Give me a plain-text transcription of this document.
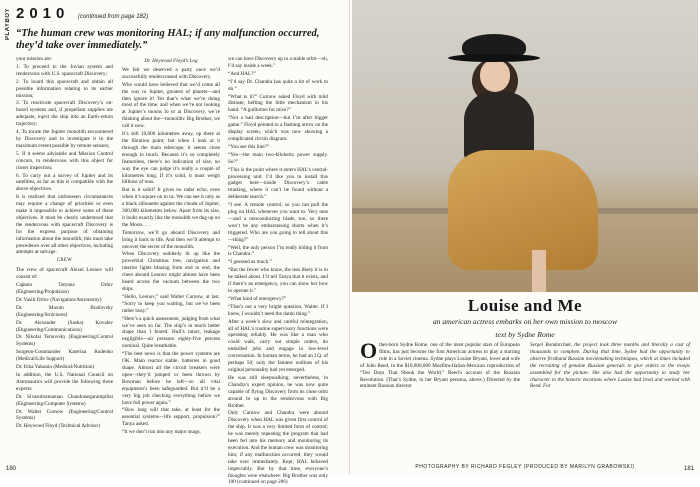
PLAYBOY 2010 (continued from page 182)
“The human crew was monitoring HAL; if any malfunction occurred, they’d take over immediately.”

your mission are:

1. To proceed to the Jovian system and rendezvous with U.S. spacecraft Discovery;

2. To board this spacecraft and obtain all possible information relating to its earlier mission;

3. To reactivate spacecraft Discovery’s on-board systems and, if propellant supplies are adequate, inject the ship into an Earth-return trajectory;

4. To locate the Jupiter monolith encountered by Discovery and to investigate it to the maximum extent possible by remote sensors;

5. If it seems advisable and Mission Control concurs, to rendezvous with this object for closer inspection;

6. To carry out a survey of Jupiter and its satellites, as far as this is compatible with the above objectives.

It is realized that unforeseen circumstances may require a change of priorities or even make it impossible to achieve some of these objectives. It must be clearly understood that the rendezvous with spacecraft Discovery is for the express purpose of obtaining information about the monolith; this must take precedence over all other objectives, including attempts at salvage.

CREW

The crew of spacecraft Alexei Leonov will consist of:

Captain Tatyana Orlov (Engineering/Propulsion)

Dr. Vasili Orlov (Navigation/Astronomy)

Dr. Maxim Brailovsky (Engineering/Structures)

Dr. Alexander (Sasha) Kovalev (Engineering/Communications)

Dr. Nikolai Ternovsky (Engineering/Control Systems)

Surgeon-Commander Katerina Rudenko (Medical/Life Support)

Dr. Irina Yakunin (Medical/Nutrition)

In addition, the U.S. National Council on Astronautics will provide the following three experts:

Dr. Sivasubramanian Chandrasegarampillai (Engineering/Computer Systems)

Dr. Walter Curnow (Engineering/Control Systems)

Dr. Heywood Floyd (Technical Advisor)

Dr. Heywood Floyd’s Log

We felt we deserved a party once we’d successfully rendezvoused with Discovery.

Who would have believed that we’d come all the way to Jupiter, greatest of planets—and then ignore it! Yet that’s what we’re doing most of the time, and when we’re not looking at Jupiter’s moons Io or at Discovery, we’re thinking about the—monolith: Big Brother, we call it now.

It’s still 10,000 kilometres away, up there at the libration point; but when I look at it through the main telescope, it seems close enough to touch. Because it’s so completely featureless, there’s no indication of size, no way the eye can judge it’s really a couple of kilometres long. If it’s solid, it must weigh billions of tons.

But is it solid? It gives no radar echo, even when it’s square on to us. We can see it only as a black silhouette against the clouds of Jupiter, 300,000 kilometres below. Apart from its size, it looks exactly like the monolith we dug up on the Moon. . . .

Tomorrow, we’ll go aboard Discovery and bring it back to life. And then we’ll attempt to uncover the secret of the monolith.

When Discovery suddenly lit up like the proverbial Christmas tree, navigation and interior lights blazing from end to end, the cheer aboard Leonov might almost have been heard across the vacuum between the two ships.

“Hello, Leonov,” said Walter Curnow, at last. “Sorry to keep you waiting, but we’ve been rather busy.”

“Here’s a quick assessment, judging from what we’ve seen so far. The ship’s in much better shape than I feared. Hull’s intact, leakage negligible—air pressure eighty-five percent nominal. Quite breathable.

“The best news is that the power systems are OK. Main reactor stable, batteries in good shape. Almost all the circuit breakers were open—they’d jumped or been thrown by Bowman before he left—so all vital equipment’s been safeguarded. But it’ll be a very big job checking everything before we have full power again.”

“How long will that take, at least for the essential systems—life support, propulsion?” Tanya asked.

“It we don’t run into any major snags,

we can have Discovery up to a stable orbit—oh, I’d say inside a week.”

“And HAL?”

“I’d say Dr. Chandra has quite a lot of work to do.”

“What is it?” Curnow asked Floyd with mild distaste, hefting the little mechanism in his hand. “A guillotine for mice?”

“Not a bad description—but I’m after bigger game.” Floyd pointed to a flashing arrow on the display screen, which was now showing a complicated circuit diagram.

“You see this line?”

“Yes—the main two-kilohertz power supply. So?”

“This is the point where it enters HAL’s central-processing unit. I’d like you to install this gadget here—inside Discovery’s cable trunking, where it can’t be found without a deliberate search.”

“I see. A remote control, so you can pull the plug on HAL whenever you want to. Very neat—and a nonconducting blade, too, so there won’t be any embarrassing shorts when it’s triggered. Who are you going to tell about this—thing?”

“Well, the only person I’m really hiding it from is Chandra.”

“I guessed as much.”

“But the fewer who know, the less likely it is to be talked about. I’ll tell Tanya that it exists, and if there’s an emergency, you can show her how to operate it.”

“What kind of emergency?”

“That’s not a very bright question, Walter. If I knew, I wouldn’t need the damn thing.”

After a week’s slow and careful reintegration, all of HAL’s routine supervisory functions were operating reliably. He was like a man who could walk, carry out simple orders, do unskilled jobs and engage in low-level conversation. In human terms, he had an I.Q. of perhaps 50; only the faintest outlines of his original personality had yet emerged.

He was still sleepwalking; nevertheless, in Chandra’s expert opinion, he was now quite capable of flying Discovery from its close orbit around Io up to the rendezvous with Big Brother.

Only Curnow and Chandra were aboard Discovery when HAL was given first control of the ship. It was a very limited form of control; he was merely repeating the program that had been fed into his memory and monitoring its execution. And the human crew was monitoring him; if any malfunction occurred, they would take over immediately. Kept, HAL behaved impeccably. But by that time, everyone’s thoughts were elsewhere: Big Brother was only 100 (continued on page 286)

180
Louise and Me
an american actress embarks on her own mission to moscow
text by Sydne Rome
Other-born Sydne Rome, one of the most popular stars of European films, has just become the first American actress to play a starring role in a Soviet cinema. Sydne plays Louise Bryant, lover and wife of John Reed, in the $10,000,000 Mosfilm-Italian-Mexican coproduction of “Ten Days That Shook the World,” Reed’s account of the Russian Revolution. (That’s Sydne, in her Bryant persona, above.) Directed by the eminent Russian director
Sergei Bondarchuk, the project took three months and literally a cast of thousands to complete. During that time, Sydne had the opportunity to observe firsthand Russian moviemaking techniques, which at times included the recruiting of genuine Russian generals to give orders to the troops assembled for the picture. She also had the opportunity to study her character in the historic locations where Louise had lived and worked with Reed. For
PHOTOGRAPHY BY RICHARD FEGLEY (PRODUCED BY MARILYN GRABOWSKI)	181
